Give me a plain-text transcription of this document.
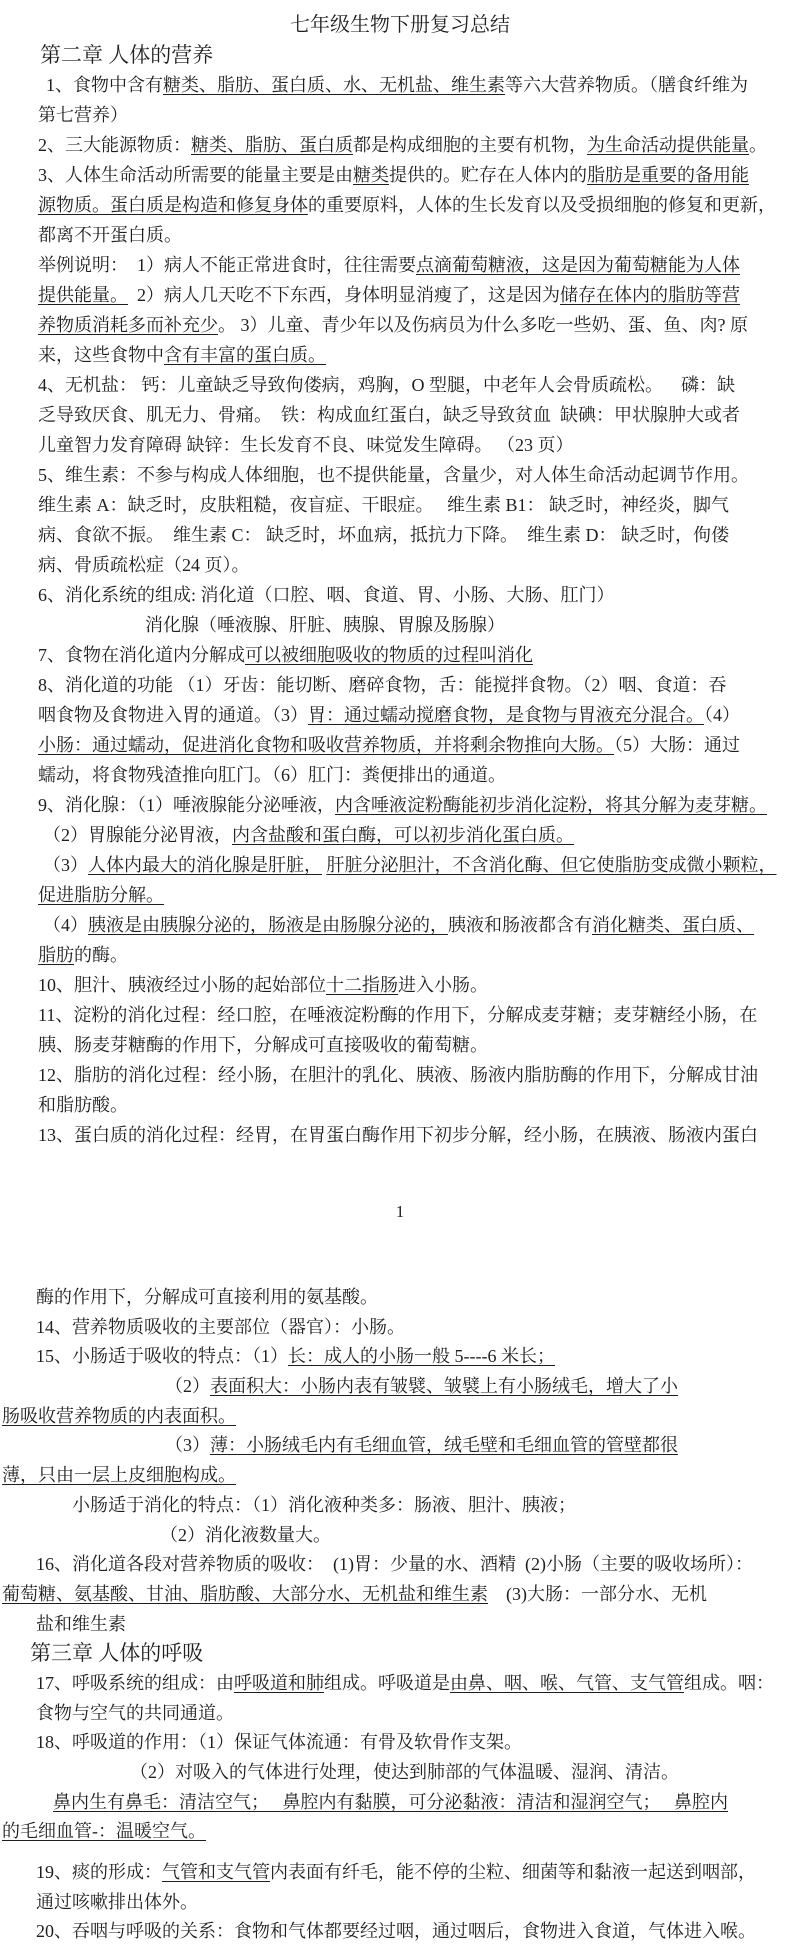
七年级生物下册复习总结
第二章 人体的营养
1、食物中含有糖类、脂肪、蛋白质、水、无机盐、维生素等六大营养物质。（膳食纤维为
第七营养）
2、三大能源物质：糖类、脂肪、蛋白质都是构成细胞的主要有机物，为生命活动提供能量。
3、人体生命活动所需要的能量主要是由糖类提供的。贮存在人体内的脂肪是重要的备用能
源物质。蛋白质是构造和修复身体的重要原料，人体的生长发育以及受损细胞的修复和更新，
都离不开蛋白质。
举例说明：  1）病人不能正常进食时，往往需要点滴葡萄糖液，这是因为葡萄糖能为人体
提供能量。  2）病人几天吃不下东西，身体明显消瘦了，这是因为储存在体内的脂肪等营
养物质消耗多而补充少。 3）儿童、青少年以及伤病员为什么多吃一些奶、蛋、鱼、肉? 原
来，这些食物中含有丰富的蛋白质。
4、无机盐： 钙：儿童缺乏导致佝偻病，鸡胸，O 型腿，中老年人会骨质疏松。    磷：缺
乏导致厌食、肌无力、骨痛。  铁：构成血红蛋白，缺乏导致贫血  缺碘：甲状腺肿大或者
儿童智力发育障碍 缺锌：生长发育不良、味觉发生障碍。 （23 页）
5、维生素：不参与构成人体细胞，也不提供能量，含量少，对人体生命活动起调节作用。
维生素 A：缺乏时，皮肤粗糙，夜盲症、干眼症。   维生素 B1： 缺乏时，神经炎，脚气
病、食欲不振。  维生素 C： 缺乏时，坏血病，抵抗力下降。  维生素 D： 缺乏时，佝偻
病、骨质疏松症（24 页）。
6、消化系统的组成: 消化道（口腔、咽、食道、胃、小肠、大肠、肛门）
消化腺（唾液腺、肝脏、胰腺、胃腺及肠腺）
7、食物在消化道内分解成可以被细胞吸收的物质的过程叫消化
8、消化道的功能 （1）牙齿：能切断、磨碎食物，舌：能搅拌食物。（2）咽、食道：吞
咽食物及食物进入胃的通道。（3）胃：通过蠕动搅磨食物，是食物与胃液充分混合。（4）
小肠：通过蠕动，促进消化食物和吸收营养物质，并将剩余物推向大肠。（5）大肠：通过
蠕动，将食物残渣推向肛门。（6）肛门：粪便排出的通道。
9、消化腺：（1）唾液腺能分泌唾液，内含唾液淀粉酶能初步消化淀粉，将其分解为麦芽糖。
（2）胃腺能分泌胃液，内含盐酸和蛋白酶，可以初步消化蛋白质。
（3）人体内最大的消化腺是肝脏， 肝脏分泌胆汁，不含消化酶、但它使脂肪变成微小颗粒，
促进脂肪分解。
（4）胰液是由胰腺分泌的，肠液是由肠腺分泌的，胰液和肠液都含有消化糖类、蛋白质、
脂肪的酶。
10、胆汁、胰液经过小肠的起始部位十二指肠进入小肠。
11、淀粉的消化过程：经口腔，在唾液淀粉酶的作用下，分解成麦芽糖；麦芽糖经小肠，在
胰、肠麦芽糖酶的作用下，分解成可直接吸收的葡萄糖。
12、脂肪的消化过程：经小肠，在胆汁的乳化、胰液、肠液内脂肪酶的作用下，分解成甘油
和脂肪酸。
13、蛋白质的消化过程：经胃，在胃蛋白酶作用下初步分解，经小肠，在胰液、肠液内蛋白
1
酶的作用下，分解成可直接利用的氨基酸。
14、营养物质吸收的主要部位（器官）：小肠。
15、小肠适于吸收的特点：（1）长：成人的小肠一般 5----6 米长；
（2）表面积大：小肠内表有皱襞、皱襞上有小肠绒毛，增大了小
肠吸收营养物质的内表面积。
（3）薄：小肠绒毛内有毛细血管，绒毛壁和毛细血管的管壁都很
薄，只由一层上皮细胞构成。
小肠适于消化的特点：（1）消化液种类多：肠液、胆汁、胰液；
（2）消化液数量大。
16、消化道各段对营养物质的吸收：  (1)胃：少量的水、酒精  (2)小肠（主要的吸收场所）：
葡萄糖、氨基酸、甘油、脂肪酸、大部分水、无机盐和维生素    (3)大肠：一部分水、无机
盐和维生素
第三章 人体的呼吸
17、呼吸系统的组成：由呼吸道和肺组成。呼吸道是由鼻、咽、喉、气管、支气管组成。咽：
食物与空气的共同通道。
18、呼吸道的作用：（1）保证气体流通：有骨及软骨作支架。
（2）对吸入的气体进行处理，使达到肺部的气体温暖、湿润、清洁。
鼻内生有鼻毛：清洁空气；   鼻腔内有黏膜，可分泌黏液：清洁和湿润空气；   鼻腔内
的毛细血管-：温暖空气。
19、痰的形成：气管和支气管内表面有纤毛，能不停的尘粒、细菌等和黏液一起送到咽部，
通过咳嗽排出体外。
20、吞咽与呼吸的关系：食物和气体都要经过咽，通过咽后，食物进入食道，气体进入喉。
